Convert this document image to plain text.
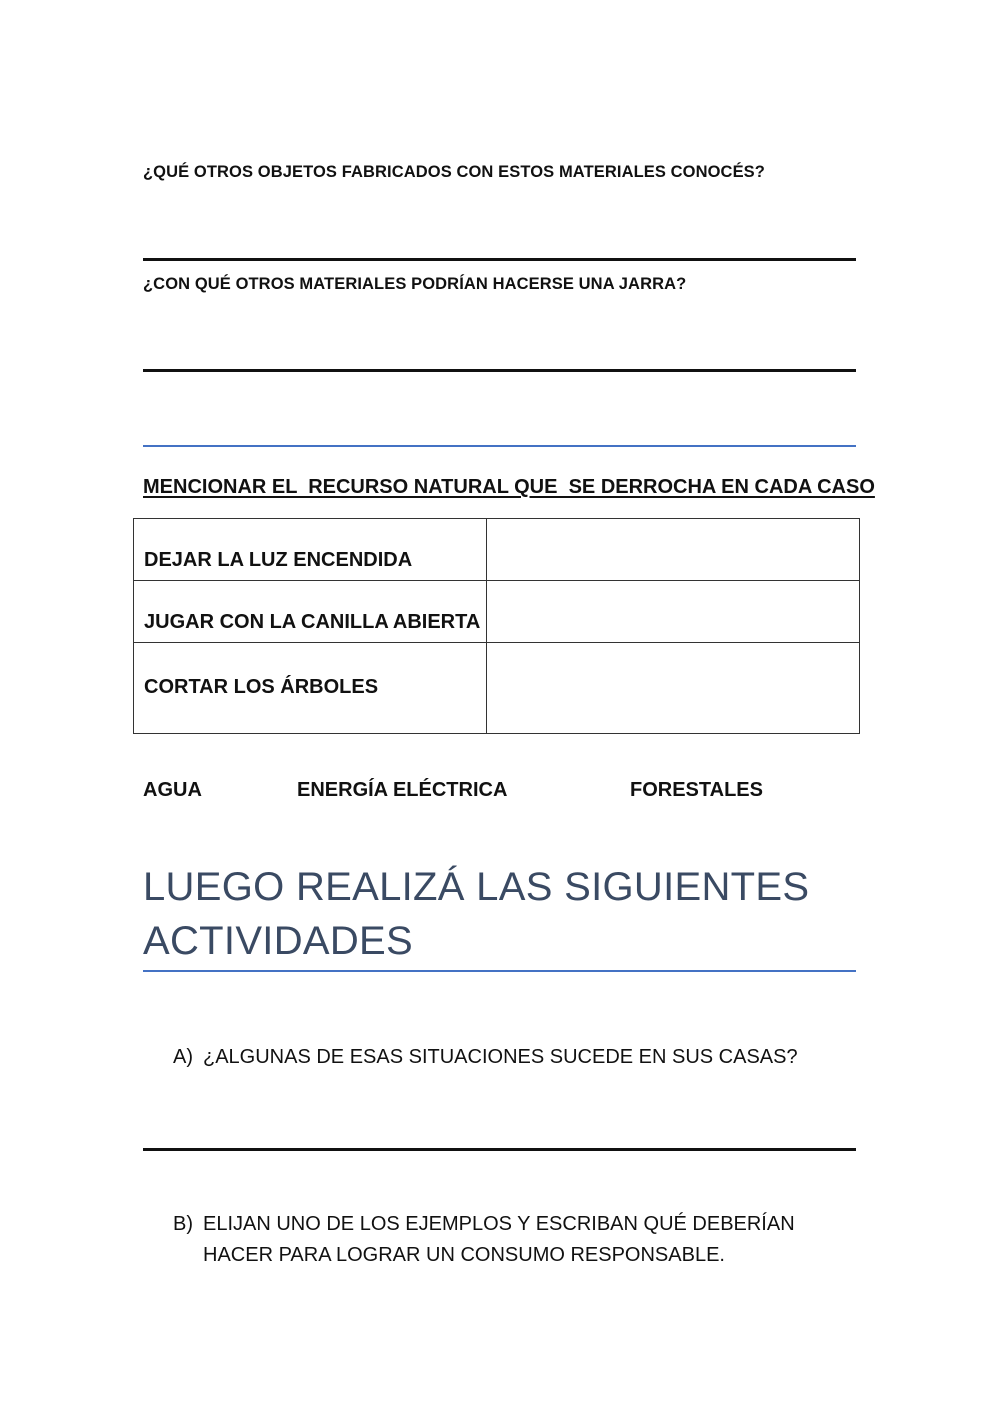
¿QUÉ OTROS OBJETOS FABRICADOS CON ESTOS MATERIALES CONOCÉS?
¿CON QUÉ OTROS MATERIALES PODRÍAN HACERSE UNA JARRA?
MENCIONAR EL  RECURSO NATURAL QUE  SE DERROCHA EN CADA CASO
DEJAR LA LUZ ENCENDIDA	
JUGAR CON LA CANILLA ABIERTA	
CORTAR LOS ÁRBOLES	
AGUA	ENERGÍA ELÉCTRICA	FORESTALES
LUEGO REALIZÁ LAS SIGUIENTES ACTIVIDADES
A) ¿ALGUNAS DE ESAS SITUACIONES SUCEDE EN SUS CASAS?
B) ELIJAN UNO DE LOS EJEMPLOS Y ESCRIBAN QUÉ DEBERÍAN HACER PARA LOGRAR UN CONSUMO RESPONSABLE.
